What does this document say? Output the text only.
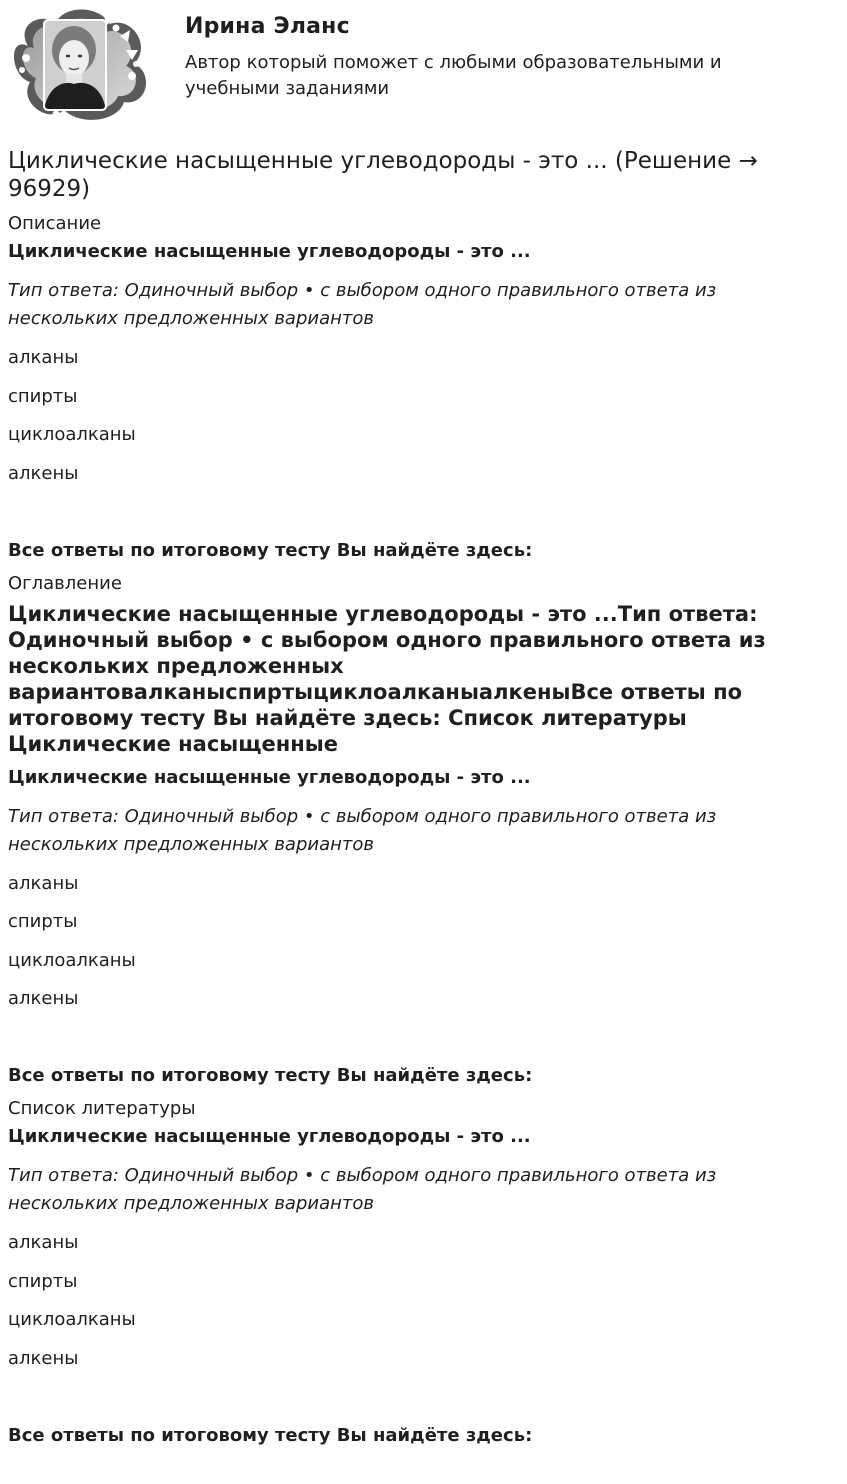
Ирина Эланс

Автор который поможет с любыми образовательными и учебными заданиями

Циклические насыщенные углеводороды - это ... (Решение → 96929)
Описание
Циклические насыщенные углеводороды - это ...
Тип ответа: Одиночный выбор • с выбором одного правильного ответа из нескольких предложенных вариантов
алканы
спирты
циклоалканы
алкены
Все ответы по итоговому тесту Вы найдёте здесь:
Оглавление
Циклические насыщенные углеводороды - это ...Тип ответа: Одиночный выбор • с выбором одного правильного ответа из нескольких предложенных вариантовалканыспиртыциклоалканыалкеныВсе ответы по итоговому тесту Вы найдёте здесь: Список литературы Циклические насыщенные
Циклические насыщенные углеводороды - это ...
Тип ответа: Одиночный выбор • с выбором одного правильного ответа из нескольких предложенных вариантов
алканы
спирты
циклоалканы
алкены
Все ответы по итоговому тесту Вы найдёте здесь:
Список литературы
Циклические насыщенные углеводороды - это ...
Тип ответа: Одиночный выбор • с выбором одного правильного ответа из нескольких предложенных вариантов
алканы
спирты
циклоалканы
алкены
Все ответы по итоговому тесту Вы найдёте здесь:
